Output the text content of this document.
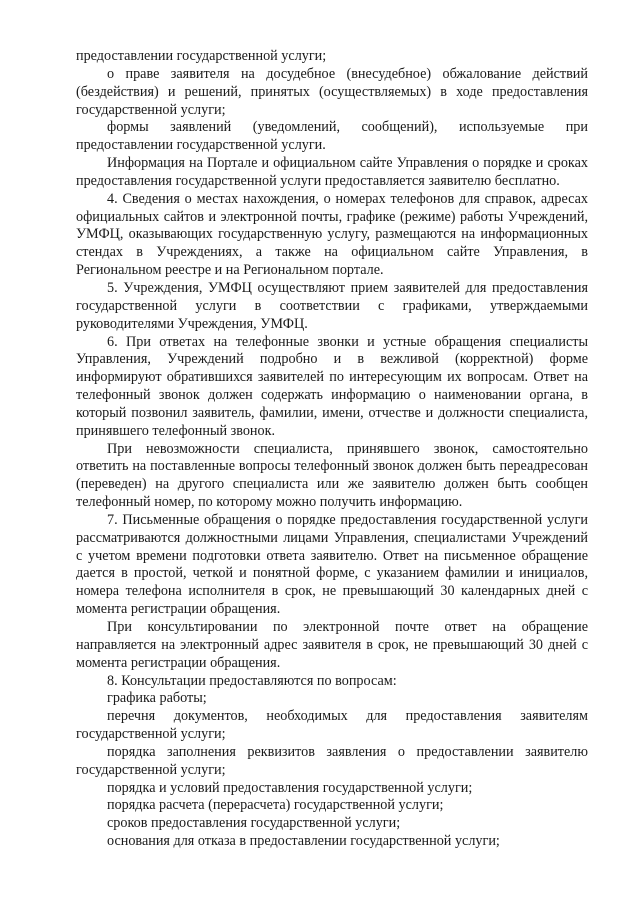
предоставлении государственной услуги;

о праве заявителя на досудебное (внесудебное) обжалование действий (бездействия) и решений, принятых (осуществляемых) в ходе предоставления государственной услуги;

формы заявлений (уведомлений, сообщений), используемые при предоставлении государственной услуги.

Информация на Портале и официальном сайте Управления о порядке и сроках предоставления государственной услуги предоставляется заявителю бесплатно.

4. Сведения о местах нахождения, о номерах телефонов для справок, адресах официальных сайтов и электронной почты, графике (режиме) работы Учреждений, УМФЦ, оказывающих государственную услугу, размещаются на информационных стендах в Учреждениях, а также на официальном сайте Управления, в Региональном реестре и на Региональном портале.

5. Учреждения, УМФЦ осуществляют прием заявителей для предоставления государственной услуги в соответствии с графиками, утверждаемыми руководителями Учреждения, УМФЦ.

6. При ответах на телефонные звонки и устные обращения специалисты Управления, Учреждений подробно и в вежливой (корректной) форме информируют обратившихся заявителей по интересующим их вопросам. Ответ на телефонный звонок должен содержать информацию о наименовании органа, в который позвонил заявитель, фамилии, имени, отчестве и должности специалиста, принявшего телефонный звонок.

При невозможности специалиста, принявшего звонок, самостоятельно ответить на поставленные вопросы телефонный звонок должен быть переадресован (переведен) на другого специалиста или же заявителю должен быть сообщен телефонный номер, по которому можно получить информацию.

7. Письменные обращения о порядке предоставления государственной услуги рассматриваются должностными лицами Управления, специалистами Учреждений с учетом времени подготовки ответа заявителю. Ответ на письменное обращение дается в простой, четкой и понятной форме, с указанием фамилии и инициалов, номера телефона исполнителя в срок, не превышающий 30 календарных дней с момента регистрации обращения.

При консультировании по электронной почте ответ на обращение направляется на электронный адрес заявителя в срок, не превышающий 30 дней с момента регистрации обращения.

8. Консультации предоставляются по вопросам:

графика работы;

перечня документов, необходимых для предоставления заявителям государственной услуги;

порядка заполнения реквизитов заявления о предоставлении заявителю государственной услуги;

порядка и условий предоставления государственной услуги;

порядка расчета (перерасчета) государственной услуги;

сроков предоставления государственной услуги;

основания для отказа в предоставлении государственной услуги;
